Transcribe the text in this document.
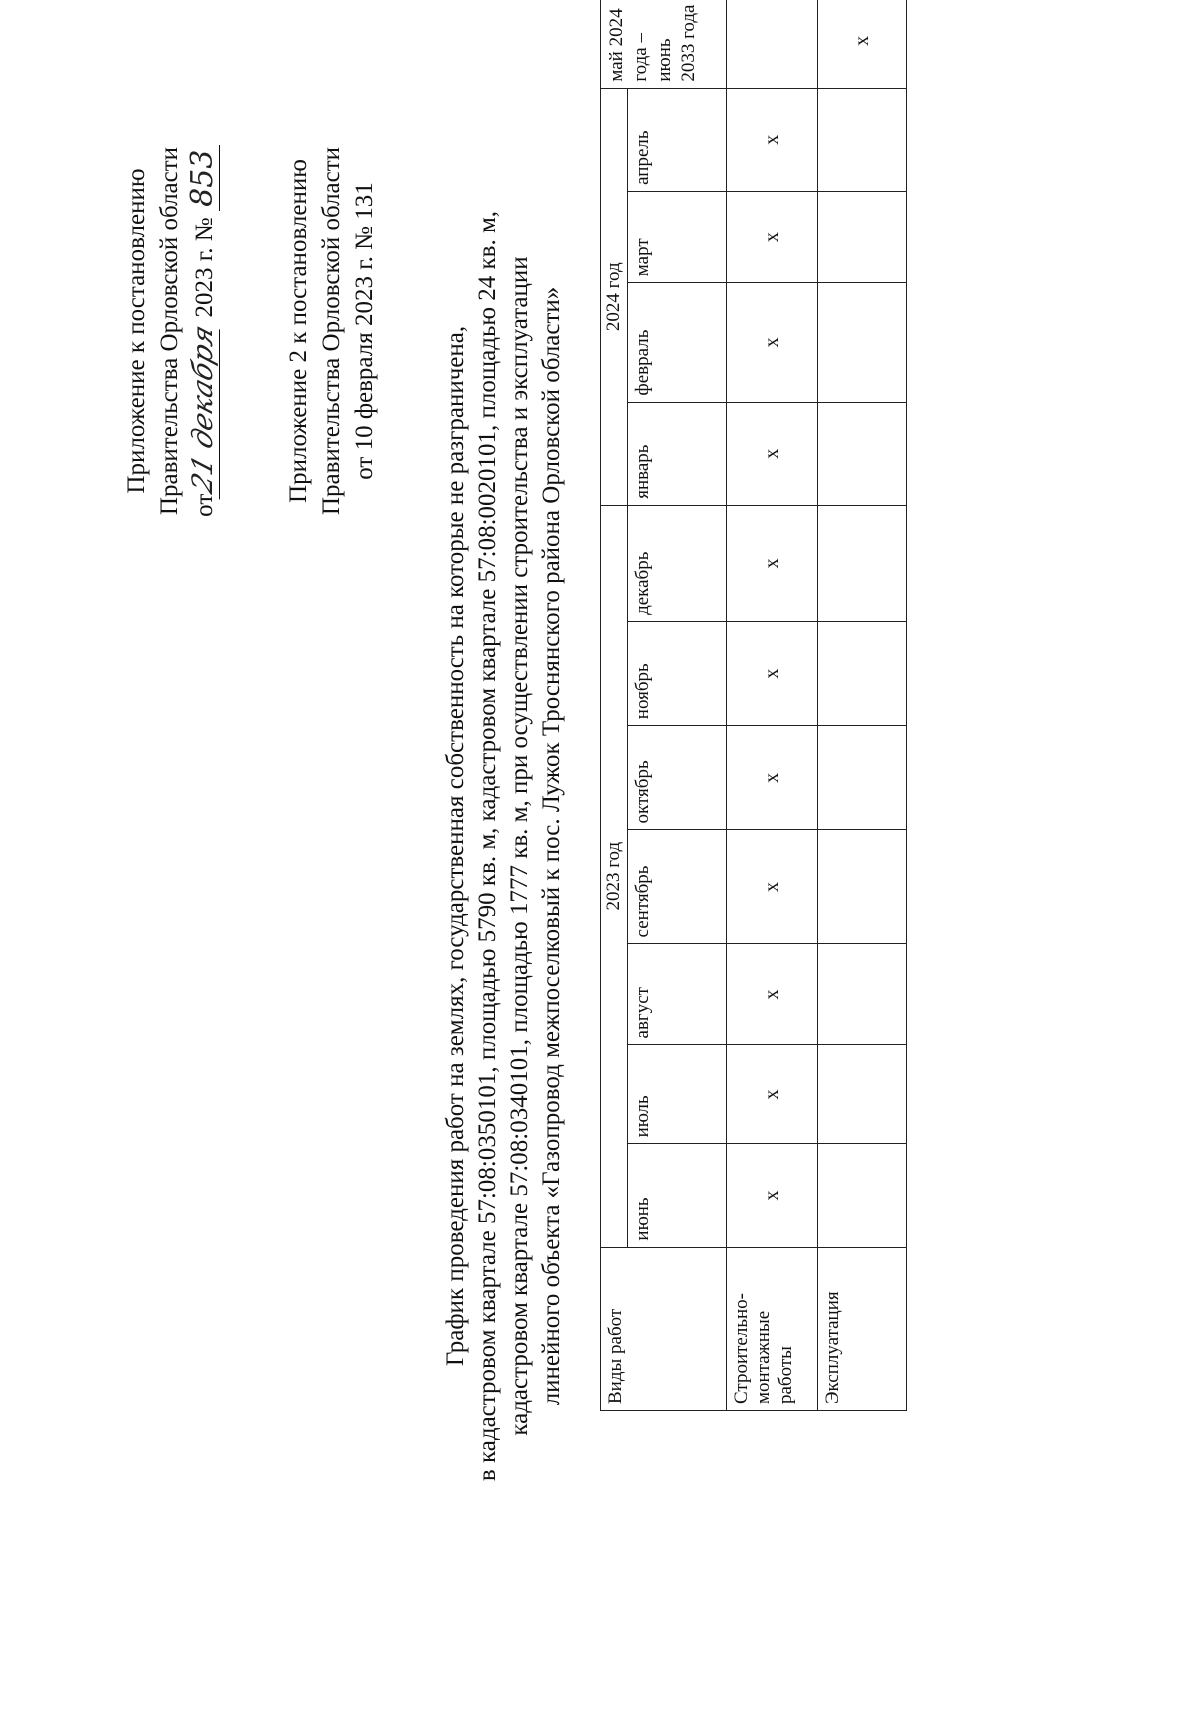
Приложение к постановлению Правительства Орловской области от21 декабря 2023 г. № 853	Приложение 2 к постановлению Правительства Орловской области от 10 февраля 2023 г. № 131	График проведения работ на землях, государственная собственность на которые не разграничена, в кадастровом квартале 57:08:0350101, площадью 5790 кв. м, кадастровом квартале 57:08:0020101, площадью 24 кв. м, кадастровом квартале 57:08:0340101, площадью 1777 кв. м, при осуществлении строительства и эксплуатации линейного объекта «Газопровод межпоселковый к пос. Лужок Троснянского района Орловской области» Виды работ	2023 год							2024 год				май 2024 года – июнь 2033 года
	июнь	июль	август	сентябрь	октябрь	ноябрь	декабрь	январь	февраль	март	апрель	
Строительно-монтажные работы	x	x	x	x	x	x	x	x	x	x	x	
Эксплуатация												x
